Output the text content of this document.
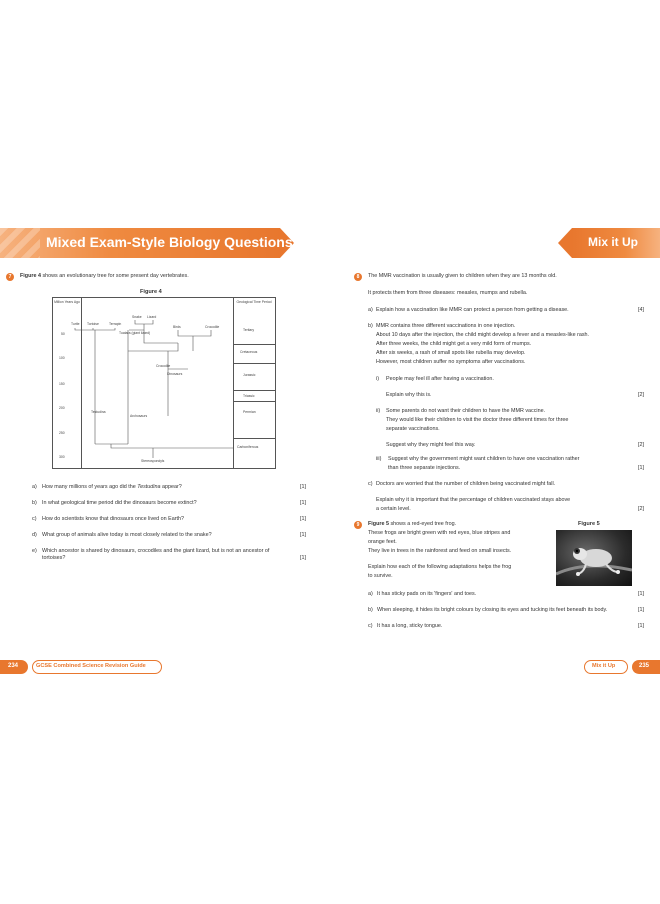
Mixed Exam-Style Biology Questions	Mix it Up
7	Figure 4 shows an evolutionary tree for some present day vertebrates.
Figure 4
Million Years Ago	Geological Time Period
50
100
150
200
250
300
Tertiary
Cretaceous
Jurassic
Triassic
Permian
Carboniferous
Turtle Tortoise	Terrapin
Snake Lizard
Birds	Crocodile
Tuatara (giant lizard)
Crocodile
Dinosaurs
Testudina
Archosaurs
Stereospondyls
a) How many millions of years ago did the Testudina appear?	[1]
b) In what geological time period did the dinosaurs become extinct?	[1]
c) How do scientists know that dinosaurs once lived on Earth?	[1]
d) What group of animals alive today is most closely related to the snake?	[1]
e) Which ancestor is shared by dinosaurs, crocodiles and the giant lizard, but is not an ancestor of tortoises?	[1]
8	The MMR vaccination is usually given to children when they are 13 months old.
It protects them from three diseases: measles, mumps and rubella.
a) Explain how a vaccination like MMR can protect a person from getting a disease.	[4]
b) MMR contains three different vaccinations in one injection.
About 10 days after the injection, the child might develop a fever and a measles-like rash.
After three weeks, the child might get a very mild form of mumps.
After six weeks, a rash of small spots like rubella may develop.
However, most children suffer no symptoms after vaccinations.
i) People may feel ill after having a vaccination.
Explain why this is.	[2]
ii) Some parents do not want their children to have the MMR vaccine.
They would like their children to visit the doctor three different times for three
separate vaccinations.
Suggest why they might feel this way.	[2]
iii) Suggest why the government might want children to have one vaccination rather
than three separate injections.	[1]
c) Doctors are worried that the number of children being vaccinated might fall.
Explain why it is important that the percentage of children vaccinated stays above
a certain level.	[2]
9	Figure 5 shows a red-eyed tree frog.	Figure 5
These frogs are bright green with red eyes, blue stripes and
orange feet.
They live in trees in the rainforest and feed on small insects.
Explain how each of the following adaptations helps the frog
to survive.
a) It has sticky pads on its 'fingers' and toes.	[1]
b) When sleeping, it hides its bright colours by closing its eyes and tucking its feet beneath its body.	[1]
c) It has a long, sticky tongue.	[1]
234	GCSE Combined Science Revision Guide	Mix it Up	235
